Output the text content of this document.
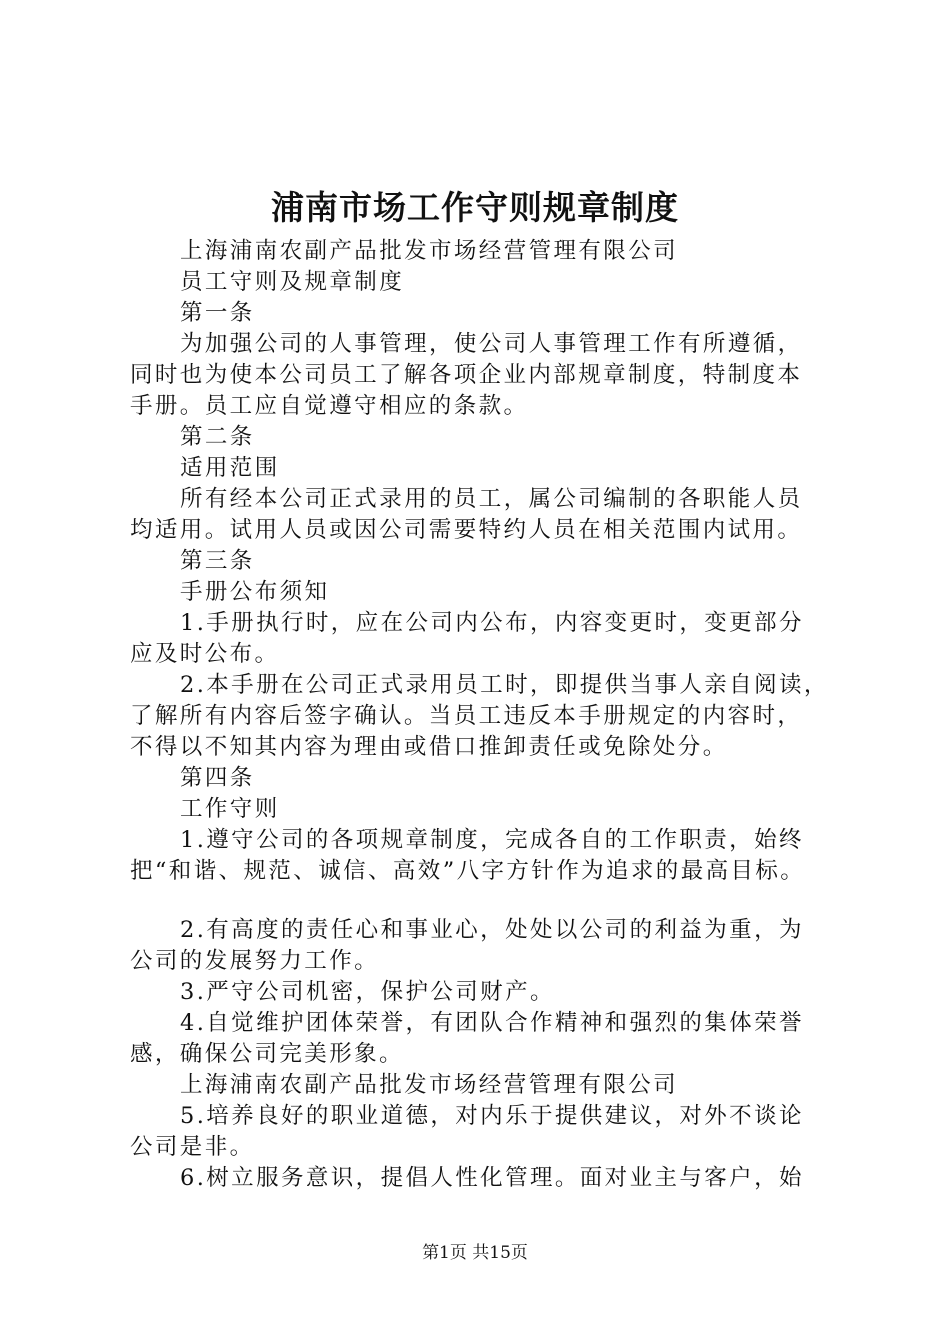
浦南市场工作守则规章制度
上海浦南农副产品批发市场经营管理有限公司
员工守则及规章制度
第一条
为加强公司的人事管理，使公司人事管理工作有所遵循，
同时也为使本公司员工了解各项企业内部规章制度，特制度本
手册。员工应自觉遵守相应的条款。
第二条
适用范围
所有经本公司正式录用的员工，属公司编制的各职能人员
均适用。试用人员或因公司需要特约人员在相关范围内试用。
第三条
手册公布须知
1.手册执行时，应在公司内公布，内容变更时，变更部分
应及时公布。
2.本手册在公司正式录用员工时，即提供当事人亲自阅读，
了解所有内容后签字确认。当员工违反本手册规定的内容时，
不得以不知其内容为理由或借口推卸责任或免除处分。
第四条
工作守则
1.遵守公司的各项规章制度，完成各自的工作职责，始终
把“和谐、规范、诚信、高效”八字方针作为追求的最高目标。
2.有高度的责任心和事业心，处处以公司的利益为重，为
公司的发展努力工作。
3.严守公司机密，保护公司财产。
4.自觉维护团体荣誉，有团队合作精神和强烈的集体荣誉
感，确保公司完美形象。
上海浦南农副产品批发市场经营管理有限公司
5.培养良好的职业道德，对内乐于提供建议，对外不谈论
公司是非。
6.树立服务意识，提倡人性化管理。面对业主与客户，始
第1页 共15页
